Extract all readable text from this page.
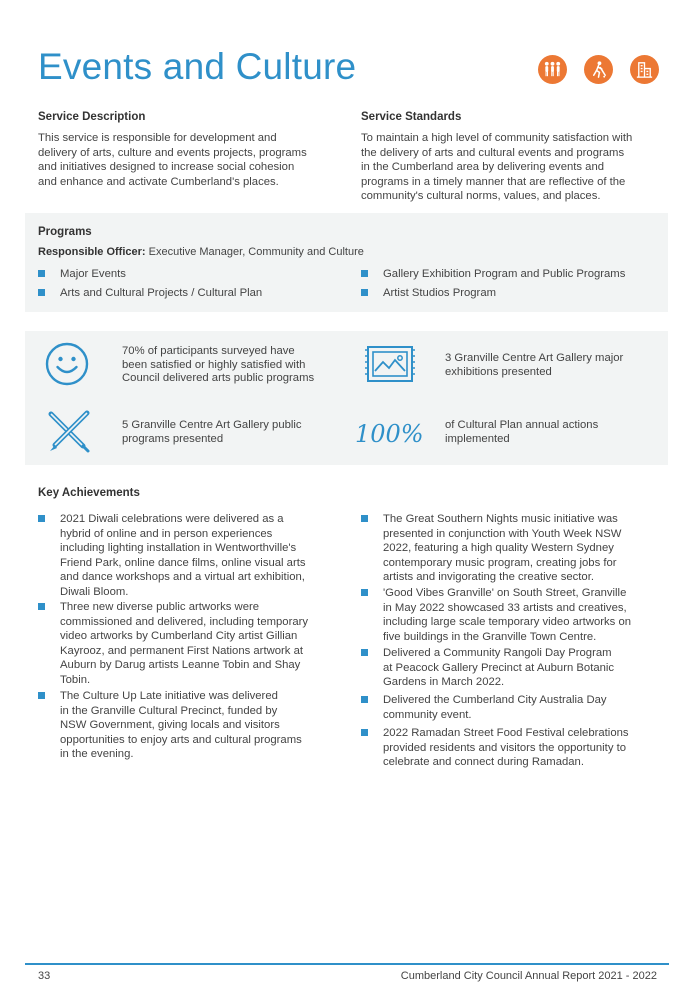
Events and Culture
Service Description
This service is responsible for development and
delivery of arts, culture and events projects, programs
and initiatives designed to increase social cohesion
and enhance and activate Cumberland's places.
Service Standards
To maintain a high level of community satisfaction with
the delivery of arts and cultural events and programs
in the Cumberland area by delivering events and
programs in a timely manner that are reflective of the
community's cultural norms, values, and places.
Programs
Responsible Officer: Executive Manager, Community and Culture
Major Events
Arts and Cultural Projects / Cultural Plan
Gallery Exhibition Program and Public Programs
Artist Studios Program
70% of participants surveyed have
been satisfied or highly satisfied with
Council delivered arts public programs
3 Granville Centre Art Gallery major
exhibitions presented
5 Granville Centre Art Gallery public
programs presented	100% of Cultural Plan annual actions
implemented
Key Achievements
2021 Diwali celebrations were delivered as a
hybrid of online and in person experiences
including lighting installation in Wentworthville's
Friend Park, online dance films, online visual arts
and dance workshops and a virtual art exhibition,
Diwali Bloom.
Three new diverse public artworks were
commissioned and delivered, including temporary
video artworks by Cumberland City artist Gillian
Kayrooz, and permanent First Nations artwork at
Auburn by Darug artists Leanne Tobin and Shay
Tobin.
The Culture Up Late initiative was delivered
in the Granville Cultural Precinct, funded by
NSW Government, giving locals and visitors
opportunities to enjoy arts and cultural programs
in the evening.
The Great Southern Nights music initiative was
presented in conjunction with Youth Week NSW
2022, featuring a high quality Western Sydney
contemporary music program, creating jobs for
artists and invigorating the creative sector.
'Good Vibes Granville' on South Street, Granville
in May 2022 showcased 33 artists and creatives,
including large scale temporary video artworks on
five buildings in the Granville Town Centre.
Delivered a Community Rangoli Day Program
at Peacock Gallery Precinct at Auburn Botanic
Gardens in March 2022.
Delivered the Cumberland City Australia Day
community event.
2022 Ramadan Street Food Festival celebrations
provided residents and visitors the opportunity to
celebrate and connect during Ramadan.
33	Cumberland City Council Annual Report 2021 - 2022
